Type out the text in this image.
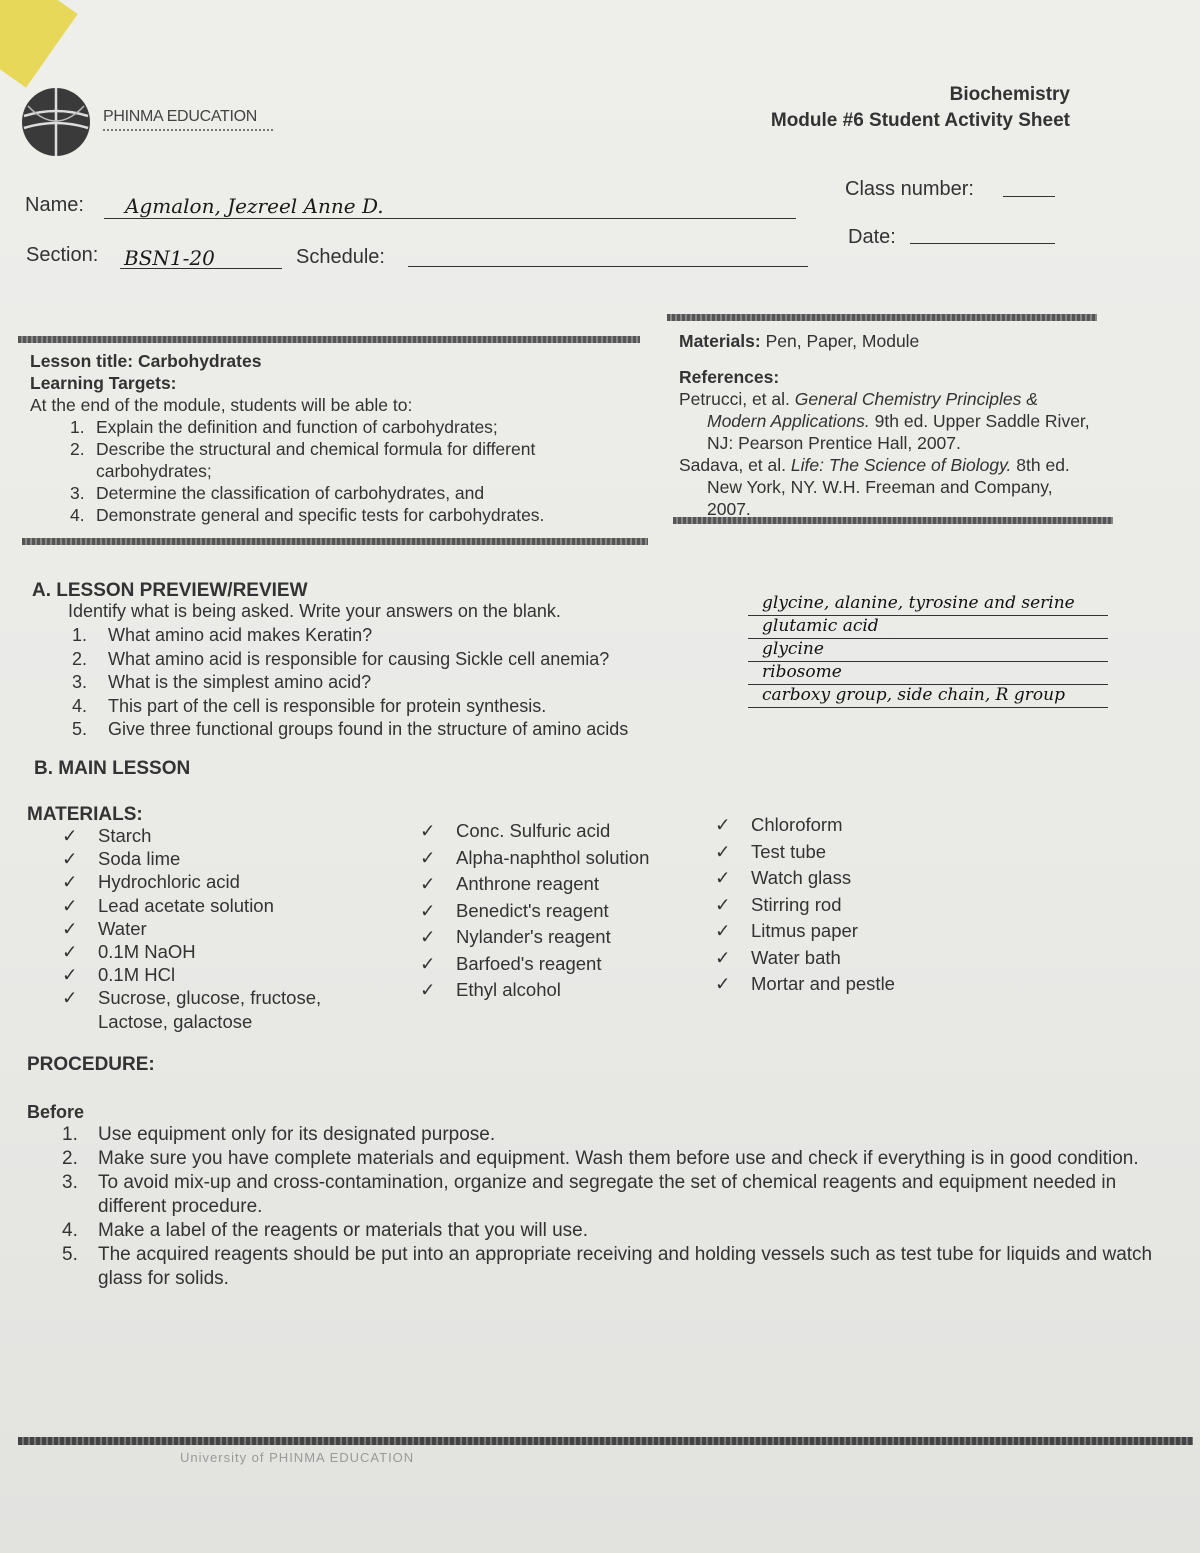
PHINMA EDUCATION
Biochemistry
Module #6 Student Activity Sheet
Name: Agmalon, Jezreel Anne D.
Class number:
Section: BSN1-20	Schedule:
Date:
Lesson title: Carbohydrates
Learning Targets:
At the end of the module, students will be able to:
1. Explain the definition and function of carbohydrates;
2. Describe the structural and chemical formula for different carbohydrates;
3. Determine the classification of carbohydrates, and
4. Demonstrate general and specific tests for carbohydrates.
Materials: Pen, Paper, Module
References:
Petrucci, et al. General Chemistry Principles & Modern Applications. 9th ed. Upper Saddle River, NJ: Pearson Prentice Hall, 2007.
Sadava, et al. Life: The Science of Biology. 8th ed. New York, NY. W.H. Freeman and Company, 2007.
A. LESSON PREVIEW/REVIEW
Identify what is being asked. Write your answers on the blank.
1. What amino acid makes Keratin?
2. What amino acid is responsible for causing Sickle cell anemia?
3. What is the simplest amino acid?
4. This part of the cell is responsible for protein synthesis.
5. Give three functional groups found in the structure of amino acids
glycine, alanine, tyrosine and serine
glutamic acid
glycine
ribosome
carboxy group, side chain, R group
B. MAIN LESSON
MATERIALS:
✓ Starch
✓ Soda lime
✓ Hydrochloric acid
✓ Lead acetate solution
✓ Water
✓ 0.1M NaOH
✓ 0.1M HCl
✓ Sucrose, glucose, fructose,
Lactose, galactose
✓ Conc. Sulfuric acid
✓ Alpha-naphthol solution
✓ Anthrone reagent
✓ Benedict's reagent
✓ Nylander's reagent
✓ Barfoed's reagent
✓ Ethyl alcohol
✓ Chloroform
✓ Test tube
✓ Watch glass
✓ Stirring rod
✓ Litmus paper
✓ Water bath
✓ Mortar and pestle
PROCEDURE:
Before
1. Use equipment only for its designated purpose.
2. Make sure you have complete materials and equipment. Wash them before use and check if everything is in good condition.
3. To avoid mix-up and cross-contamination, organize and segregate the set of chemical reagents and equipment needed in different procedure.
4. Make a label of the reagents or materials that you will use.
5. The acquired reagents should be put into an appropriate receiving and holding vessels such as test tube for liquids and watch glass for solids.
University of PHINMA EDUCATION
